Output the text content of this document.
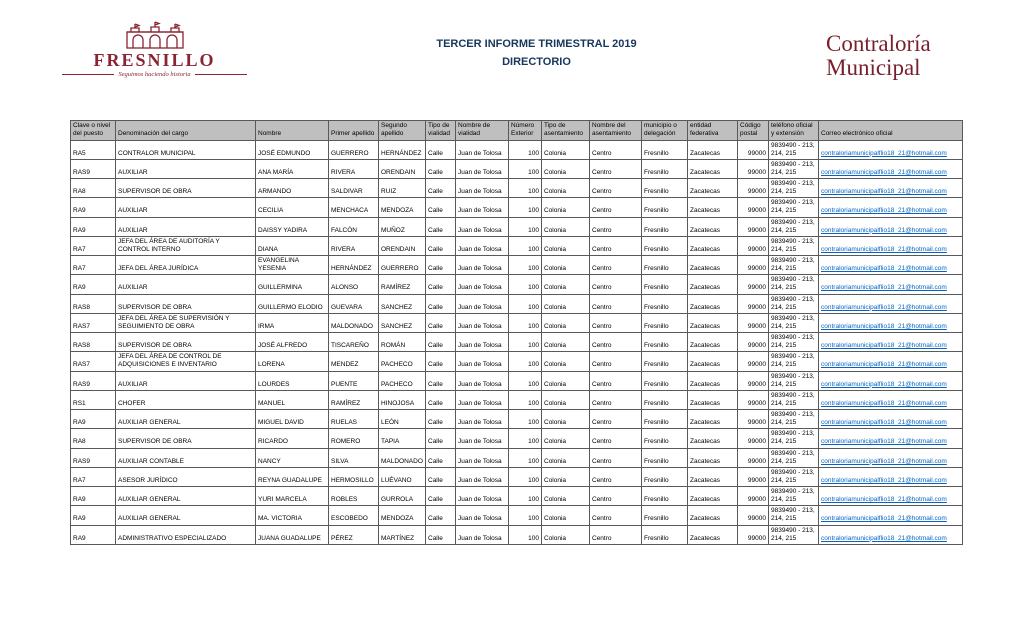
FRESNILLO
Seguimos haciendo historia
TERCER INFORME TRIMESTRAL 2019
DIRECTORIO
Contraloría
Municipal
Clave o nivel del puesto	Denominación del cargo	Nombre	Primer apellido	Segundo apellido	Tipo de vialidad	Nombre de vialidad	Número Exterior	Tipo de asentamiento	Nombre del asentamiento	municipio o delegación	entidad federativa	Código postal	teléfono oficial y extensión	Correo electrónico oficial
RA5	CONTRALOR MUNICIPAL	JOSÉ EDMUNDO	GUERRERO	HERNÁNDEZ	Calle	Juan de Tolosa	100	Colonia	Centro	Fresnillo	Zacatecas	99000	9839490 - 213, 214, 215	contraloriamunicipalflio18_21@hotmail.com
RAS9	AUXILIAR	ANA MARÍA	RIVERA	ORENDAIN	Calle	Juan de Tolosa	100	Colonia	Centro	Fresnillo	Zacatecas	99000	9839490 - 213, 214, 215	contraloriamunicipalflio18_21@hotmail.com
RA8	SUPERVISOR DE OBRA	ARMANDO	SALDIVAR	RUIZ	Calle	Juan de Tolosa	100	Colonia	Centro	Fresnillo	Zacatecas	99000	9839490 - 213, 214, 215	contraloriamunicipalflio18_21@hotmail.com
RA9	AUXILIAR	CECILIA	MENCHACA	MENDOZA	Calle	Juan de Tolosa	100	Colonia	Centro	Fresnillo	Zacatecas	99000	9839490 - 213, 214, 215	contraloriamunicipalflio18_21@hotmail.com
RA9	AUXILIAR	DAISSY YADIRA	FALCÓN	MUÑOZ	Calle	Juan de Tolosa	100	Colonia	Centro	Fresnillo	Zacatecas	99000	9839490 - 213, 214, 215	contraloriamunicipalflio18_21@hotmail.com
RA7	JEFA DEL ÁREA DE AUDITORÍA Y CONTROL INTERNO	DIANA	RIVERA	ORENDAIN	Calle	Juan de Tolosa	100	Colonia	Centro	Fresnillo	Zacatecas	99000	9839490 - 213, 214, 215	contraloriamunicipalflio18_21@hotmail.com
RA7	JEFA DEL ÁREA JURÍDICA	EVANGELINA YESENIA	HERNÁNDEZ	GUERRERO	Calle	Juan de Tolosa	100	Colonia	Centro	Fresnillo	Zacatecas	99000	9839490 - 213, 214, 215	contraloriamunicipalflio18_21@hotmail.com
RA9	AUXILIAR	GUILLERMINA	ALONSO	RAMÍREZ	Calle	Juan de Tolosa	100	Colonia	Centro	Fresnillo	Zacatecas	99000	9839490 - 213, 214, 215	contraloriamunicipalflio18_21@hotmail.com
RAS8	SUPERVISOR DE OBRA	GUILLERMO ELODIO	GUEVARA	SANCHEZ	Calle	Juan de Tolosa	100	Colonia	Centro	Fresnillo	Zacatecas	99000	9839490 - 213, 214, 215	contraloriamunicipalflio18_21@hotmail.com
RAS7	JEFA DEL ÁREA DE SUPERVISIÓN Y SEGUIMIENTO DE OBRA	IRMA	MALDONADO	SANCHEZ	Calle	Juan de Tolosa	100	Colonia	Centro	Fresnillo	Zacatecas	99000	9839490 - 213, 214, 215	contraloriamunicipalflio18_21@hotmail.com
RAS8	SUPERVISOR DE OBRA	JOSÉ ALFREDO	TISCAREÑO	ROMÁN	Calle	Juan de Tolosa	100	Colonia	Centro	Fresnillo	Zacatecas	99000	9839490 - 213, 214, 215	contraloriamunicipalflio18_21@hotmail.com
RAS7	JEFA DEL ÁREA DE CONTROL DE ADQUISICIONES E INVENTARIO	LORENA	MENDEZ	PACHECO	Calle	Juan de Tolosa	100	Colonia	Centro	Fresnillo	Zacatecas	99000	9839490 - 213, 214, 215	contraloriamunicipalflio18_21@hotmail.com
RAS9	AUXILIAR	LOURDES	PUENTE	PACHECO	Calle	Juan de Tolosa	100	Colonia	Centro	Fresnillo	Zacatecas	99000	9839490 - 213, 214, 215	contraloriamunicipalflio18_21@hotmail.com
RS1	CHOFER	MANUEL	RAMÍREZ	HINOJOSA	Calle	Juan de Tolosa	100	Colonia	Centro	Fresnillo	Zacatecas	99000	9839490 - 213, 214, 215	contraloriamunicipalflio18_21@hotmail.com
RA9	AUXILIAR GENERAL	MIGUEL DAVID	RUELAS	LEÓN	Calle	Juan de Tolosa	100	Colonia	Centro	Fresnillo	Zacatecas	99000	9839490 - 213, 214, 215	contraloriamunicipalflio18_21@hotmail.com
RA8	SUPERVISOR DE OBRA	RICARDO	ROMERO	TAPIA	Calle	Juan de Tolosa	100	Colonia	Centro	Fresnillo	Zacatecas	99000	9839490 - 213, 214, 215	contraloriamunicipalflio18_21@hotmail.com
RAS9	AUXILIAR CONTABLE	NANCY	SILVA	MALDONADO	Calle	Juan de Tolosa	100	Colonia	Centro	Fresnillo	Zacatecas	99000	9839490 - 213, 214, 215	contraloriamunicipalflio18_21@hotmail.com
RA7	ASESOR JURÍDICO	REYNA GUADALUPE	HERMOSILLO	LUÉVANO	Calle	Juan de Tolosa	100	Colonia	Centro	Fresnillo	Zacatecas	99000	9839490 - 213, 214, 215	contraloriamunicipalflio18_21@hotmail.com
RA9	AUXILIAR GENERAL	YURI MARCELA	ROBLES	GURROLA	Calle	Juan de Tolosa	100	Colonia	Centro	Fresnillo	Zacatecas	99000	9839490 - 213, 214, 215	contraloriamunicipalflio18_21@hotmail.com
RA9	AUXILIAR GENERAL	MA. VICTORIA	ESCOBEDO	MENDOZA	Calle	Juan de Tolosa	100	Colonia	Centro	Fresnillo	Zacatecas	99000	9839490 - 213, 214, 215	contraloriamunicipalflio18_21@hotmail.com
RA9	ADMINISTRATIVO ESPECIALIZADO	JUANA GUADALUPE	PÉREZ	MARTÍNEZ	Calle	Juan de Tolosa	100	Colonia	Centro	Fresnillo	Zacatecas	99000	9839490 - 213, 214, 215	contraloriamunicipalflio18_21@hotmail.com
